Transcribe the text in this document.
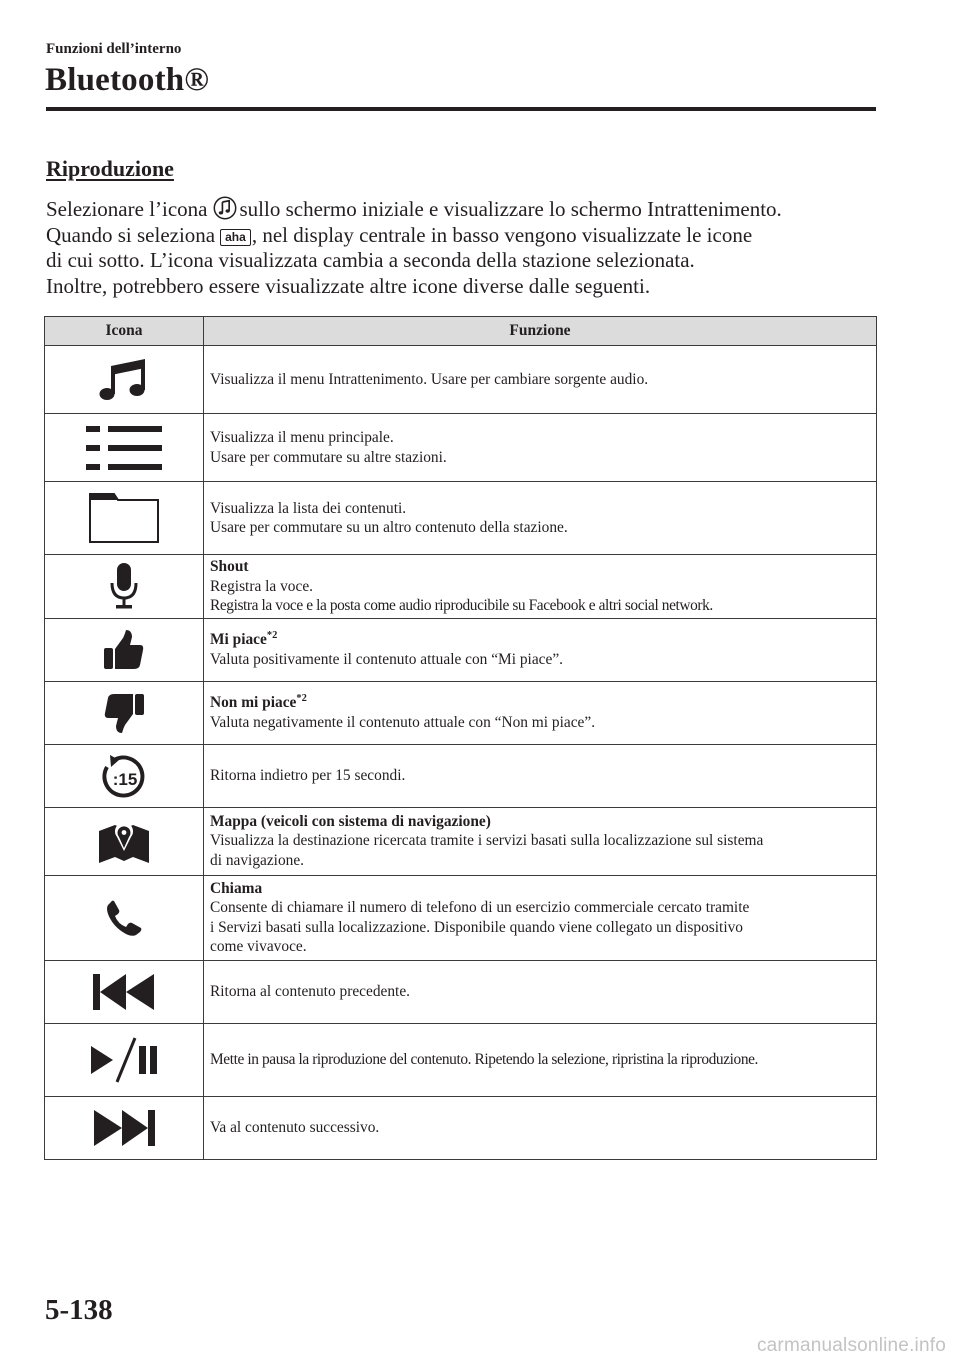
Funzioni dell’interno
Bluetooth®
Riproduzione
Selezionare l’icona sullo schermo iniziale e visualizzare lo schermo Intrattenimento.
Quando si seleziona aha , nel display centrale in basso vengono visualizzate le icone
di cui sotto. L’icona visualizzata cambia a seconda della stazione selezionata.
Inoltre, potrebbero essere visualizzate altre icone diverse dalle seguenti.
Icona	Funzione

Visualizza il menu Intrattenimento. Usare per cambiare sorgente audio.

Visualizza il menu principale.
Usare per commutare su altre stazioni.

Visualizza la lista dei contenuti.
Usare per commutare su un altro contenuto della stazione.

Shout
Registra la voce.
Registra la voce e la posta come audio riproducibile su Facebook e altri social network.

Mi piace$^{*2}$
Valuta positivamente il contenuto attuale con “Mi piace”.

Non mi piace$^{*2}$
Valuta negativamente il contenuto attuale con “Non mi piace”.

:15	Ritorna indietro per 15 secondi.

Mappa (veicoli con sistema di navigazione)
Visualizza la destinazione ricercata tramite i servizi basati sulla localizzazione sul sistema
di navigazione.

Chiama
Consente di chiamare il numero di telefono di un esercizio commerciale cercato tramite
i Servizi basati sulla localizzazione. Disponibile quando viene collegato un dispositivo
come vivavoce.

Ritorna al contenuto precedente.

Mette in pausa la riproduzione del contenuto. Ripetendo la selezione, ripristina la riproduzione.

Va al contenuto successivo.
5-138
carmanualsonline.info
